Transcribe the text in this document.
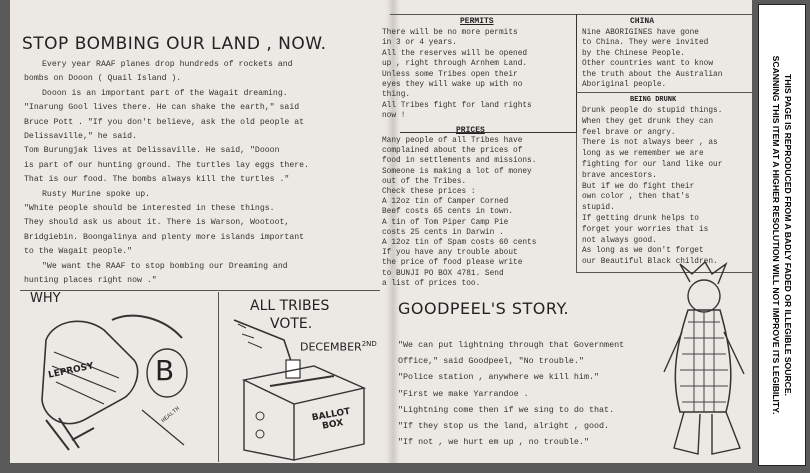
STOP BOMBING OUR LAND , NOW.
Every year RAAF planes drop hundreds of rockets and
bombs on Dooon ( Quail Island ).
Dooon is an important part of the Wagait dreaming.
"Inarung Gool lives there. He can shake the earth," said
Bruce Pott . "If you don't believe, ask the old people at
Delissaville," he said.
Tom Burungjak lives at Delissaville. He said, "Dooon
is part of our hunting ground. The turtles lay eggs there.
That is our food. The bombs always kill the turtles ."
Rusty Murine spoke up.
"White people should be interested in these things.
They should ask us about it. There is Warson, Wootoot,
Bridgiebin. Boongalinya and plenty more islands important
to the Wagait people."
"We want the RAAF to stop bombing our Dreaming and
hunting places right now ."
WHY
LEPROSY B
HEALTH
ALL TRIBES
VOTE.
$DECEMBER^{2ND}$
BALLOT BOX
PERMITS
There will be no more permits
in 3 or 4 years.
All the reserves will be opened
up , right through Arnhem Land.
Unless some Tribes open their
eyes they will wake up with no
thing.
All Tribes fight for land rights
now !
PRICES
Many people of all Tribes have
complained about the prices of
food in settlements and missions.
Someone is making a lot of money
out of the Tribes.
Check these prices :
A 12oz tin of Camper Corned
Beef costs 65 cents in town.
A tin of Tom Piper Camp Pie
costs 25 cents in Darwin .
A 12oz tin of Spam costs 60 cents
If you have any trouble about
the price of food please write
to BUNJI PO BOX 4781. Send
a list of prices too.
CHINA
Nine ABORIGINES have gone
to China. They were invited
by the Chinese People.
Other countries want to know
the truth about the Australian
Aboriginal people.
BEING DRUNK
Drunk people do stupid things.
When they get drunk they can
feel brave or angry.
There is not always beer , as
long as we remember we are
fighting for our land like our
brave ancestors.
But if we do fight their
own color , then that's
stupid.
If getting drunk helps to
forget your worries that is
not always good.
As long as we don't forget
our Beautiful Black children.
GOODPEEL'S STORY.
"We can put lightning through that Government
Office," said Goodpeel, "No trouble."
"Police station , anywhere we kill him."
"First we make Yarrandoe .
"Lightning come then if we sing to do that.
"If they stop us the land, alright , good.
"If not , we hurt em up , no trouble."
THIS PAGE IS REPRODUCED FROM A BADLY FADED OR ILLEGIBLE SOURCE.
SCANNING THIS ITEM AT A HIGHER RESOLUTION WILL NOT IMPROVE ITS LEGIBILITY.
